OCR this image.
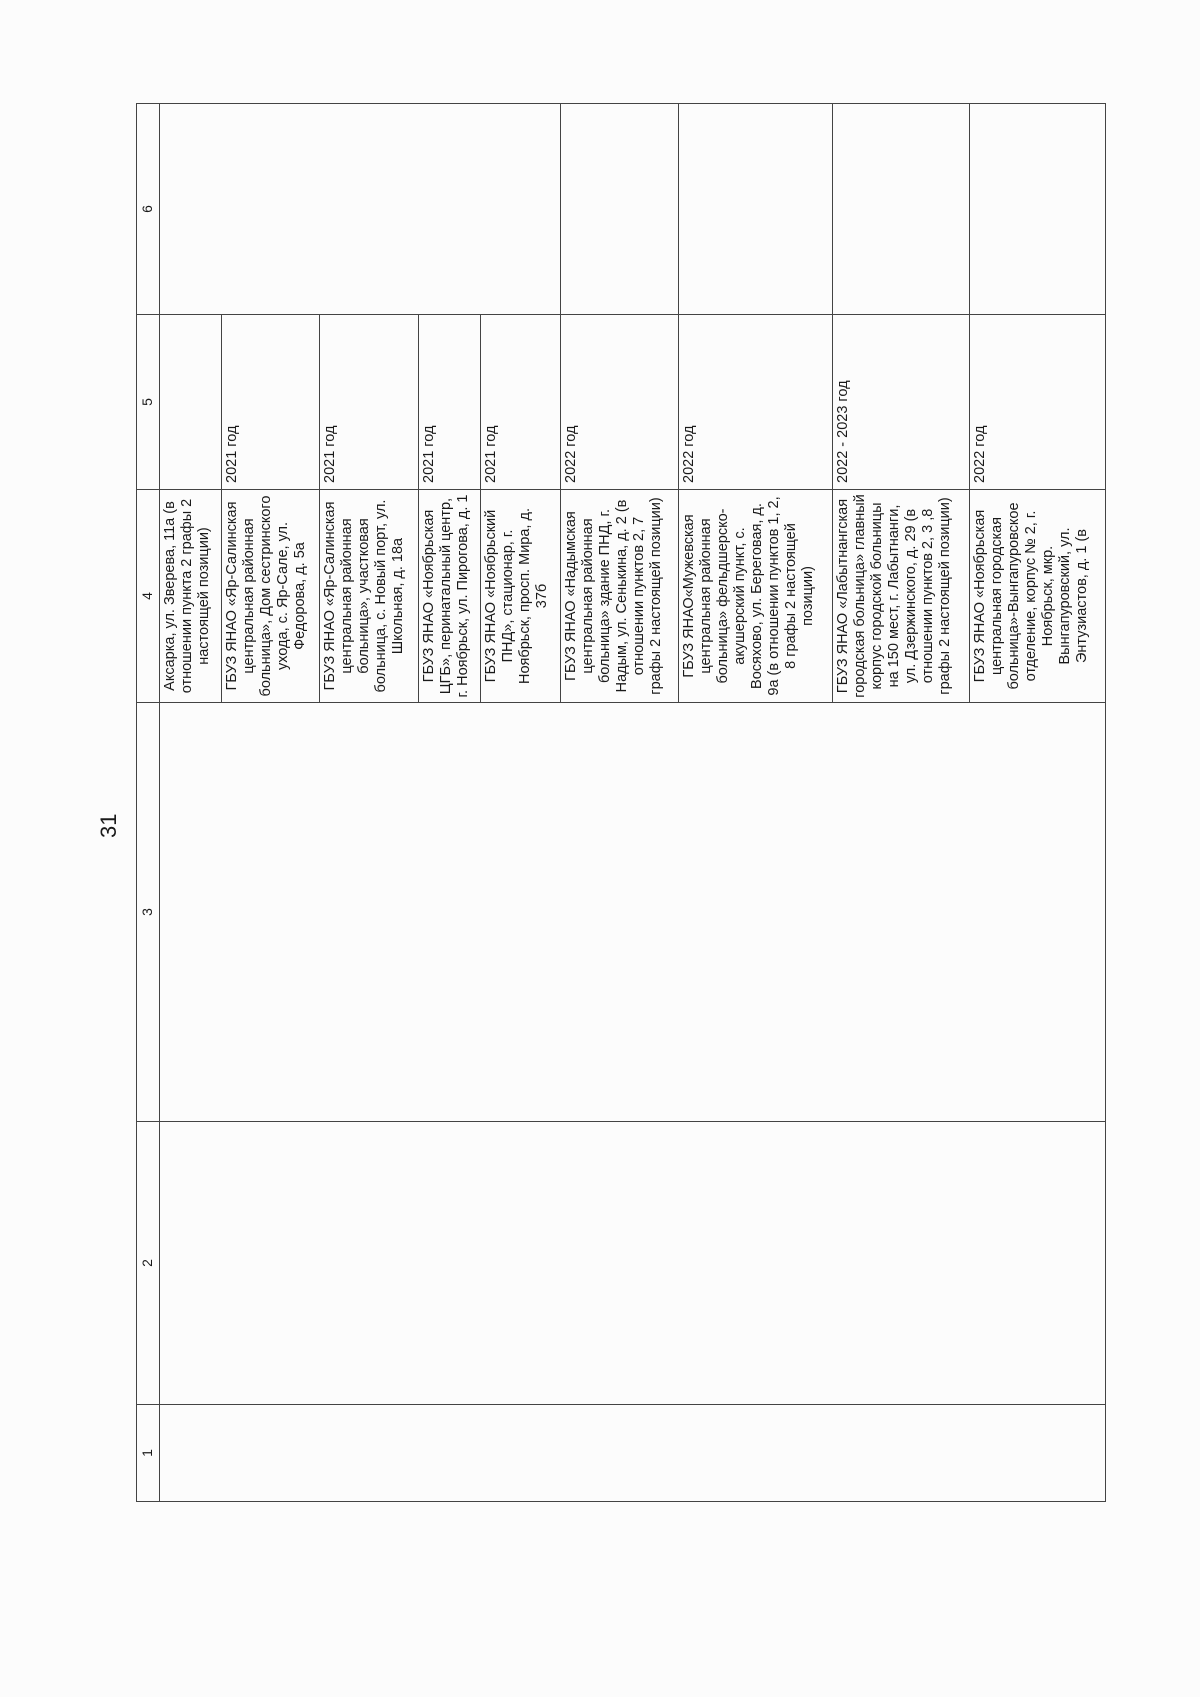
31
1	2	3	4	5	6
			Аксарка, ул. Зверева, 11а (в отношении пункта 2 графы 2 настоящей позиции)		
			ГБУЗ ЯНАО «Яр-Салинская центральная районная больница», Дом сестринского ухода, с. Яр-Сале, ул. Федорова, д. 5а	2021 год	
			ГБУЗ ЯНАО «Яр-Салинская центральная районная больница», участковая больница, с. Новый порт, ул. Школьная, д. 18а	2021 год	
			ГБУЗ ЯНАО «Ноябрьская ЦГБ», перинатальный центр, г. Ноябрьск, ул. Пирогова, д. 1	2021 год	
			ГБУЗ ЯНАО «Ноябрьский ПНД», стационар, г. Ноябрьск, просп. Мира, д. 37б	2021 год	
			ГБУЗ ЯНАО «Надымская центральная районная больница» здание ПНД, г. Надым, ул. Сенькина, д. 2 (в отношении пунктов 2, 7 графы 2 настоящей позиции)	2022 год	
			ГБУЗ ЯНАО«Мужевская центральная районная больница» фельдшерско-акушерский пункт, с. Восяхово, ул. Береговая, д. 9а (в отношении пунктов 1, 2, 8 графы 2 настоящей позиции)	2022 год	
			ГБУЗ ЯНАО «Лабытнангская городская больница» главный корпус городской больницы на 150 мест, г. Лабытнанги, ул. Дзержинского, д. 29 (в отношении пунктов 2, 3 ,8 графы 2 настоящей позиции)	2022 - 2023 год	
			ГБУЗ ЯНАО «Ноябрьская центральная городская больница»-Вынгапуровское отделение, корпус № 2, г. Ноябрьск, мкр. Вынгапуровский, ул. Энтузиастов, д. 1 (в	2022 год	
